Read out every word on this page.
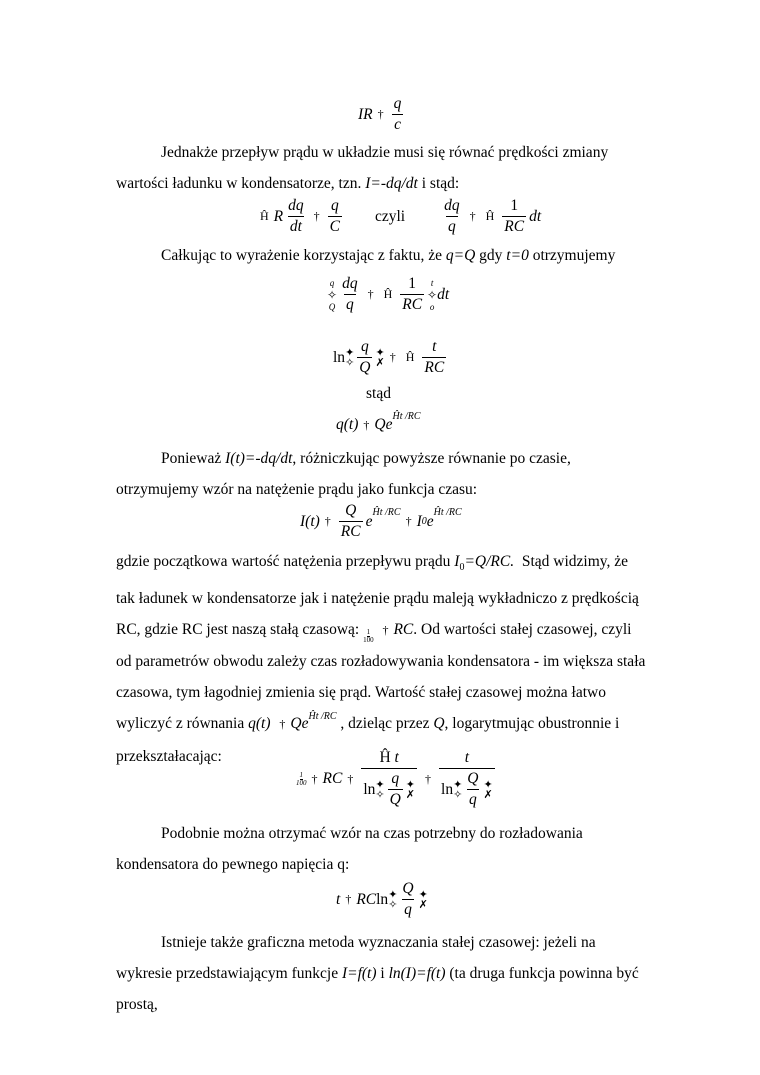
IR † $\frac{q}{c}$

Jednakże przepływ prądu w układzie musi się równać prędkości zmiany wartości ładunku w kondensatorze, tzn. I=-dq/dt i stąd:

Ĥ R $\frac{dq}{dt}$ † $\frac{q}{C}$ czyli $\frac{dq}{q}$ † Ĥ $\frac{1}{RC}$ dt

Całkując to wyrażenie korzystając z faktu, że q=Q gdy t=0 otrzymujemy

q
✧
Q $\frac{dq}{q}$ † Ĥ $\frac{1}{RC}$ t
✧
o
dt
ln ✦
✧ $\frac{q}{Q}$ ✦
✗ † Ĥ $\frac{t}{RC}$
stąd
q(t) † Qe Ĥt /RC

Ponieważ I(t)=-dq/dt, różniczkując powyższe równanie po czasie, otrzymujemy wzór na natężenie prądu jako funkcja czasu:

I(t) † $\frac{Q}{RC}$ e Ĥt /RC
† I 0 e Ĥt /RC

gdzie początkowa wartość natężenia przepływu prądu $I_0=Q/RC$. Stąd widzimy, że tak ładunek w kondensatorze jak i natężenie prądu maleją wykładniczo z prędkością RC, gdzie RC jest naszą stałą czasową: $\frac{1}{100}$ † RC. Od wartości stałej czasowej, czyli od parametrów obwodu zależy czas rozładowywania kondensatora - im większa stała czasowa, tym łagodniej zmienia się prąd. Wartość stałej czasowej można łatwo wyliczyć z równania q(t) † $Qe^{Ĥt /RC}$ , dzieląc przez Q, logarytmując obustronnie i przekształacając:

1
100 † RC † Ĥ t
ln ✦
✧ $\frac{q}{Q}$ ✦
✗ † t
ln ✦
✧ $\frac{Q}{q}$ ✦
✗

Podobnie można otrzymać wzór na czas potrzebny do rozładowania kondensatora do pewnego napięcia q:

t † RC ln ✦
✧ $\frac{Q}{q}$ ✦
✗

Istnieje także graficzna metoda wyznaczania stałej czasowej: jeżeli na wykresie przedstawiającym funkcje I=f(t) i ln(I)=f(t) (ta druga funkcja powinna być prostą,
